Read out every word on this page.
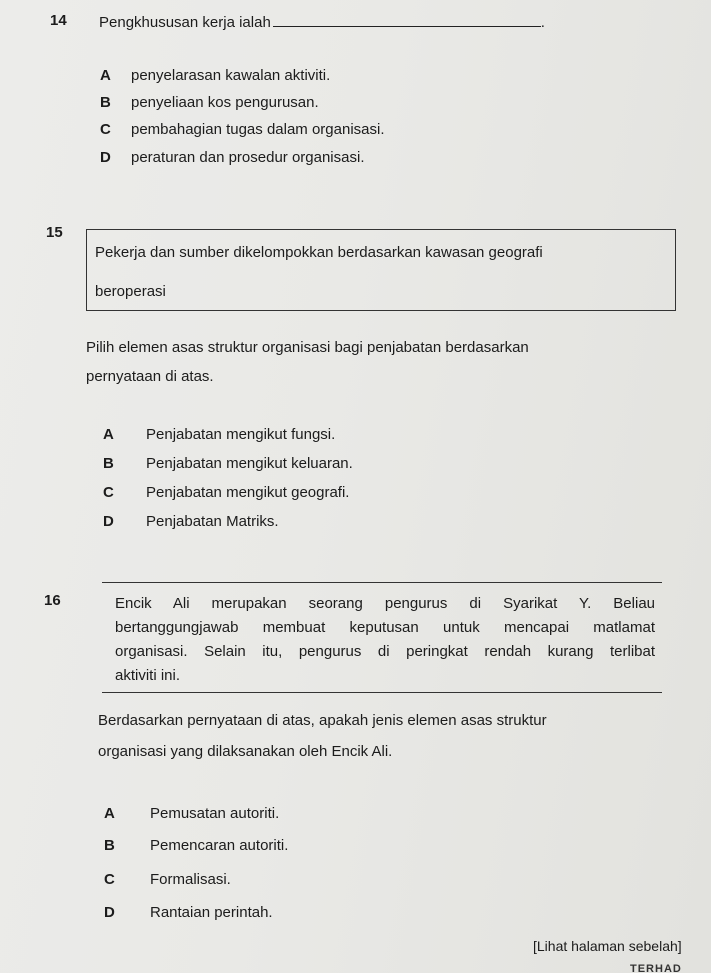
14 Pengkhususan kerja ialah	.
A penyelarasan kawalan aktiviti.
B penyeliaan kos pengurusan.
C pembahagian tugas dalam organisasi.
D peraturan dan prosedur organisasi.
15
Pekerja dan sumber dikelompokkan berdasarkan kawasan geografi
beroperasi
Pilih elemen asas struktur organisasi bagi penjabatan berdasarkan
pernyataan di atas.
A Penjabatan mengikut fungsi.
B Penjabatan mengikut keluaran.
C Penjabatan mengikut geografi.
D Penjabatan Matriks.
16	Encik Ali merupakan seorang pengurus di Syarikat Y. Beliau
bertanggungjawab membuat keputusan untuk mencapai matlamat
organisasi. Selain itu, pengurus di peringkat rendah kurang terlibat
aktiviti ini.
Berdasarkan pernyataan di atas, apakah jenis elemen asas struktur
organisasi yang dilaksanakan oleh Encik Ali.
A Pemusatan autoriti.
B Pemencaran autoriti.
C Formalisasi.
D Rantaian perintah.
[Lihat halaman sebelah]
TERHAD
